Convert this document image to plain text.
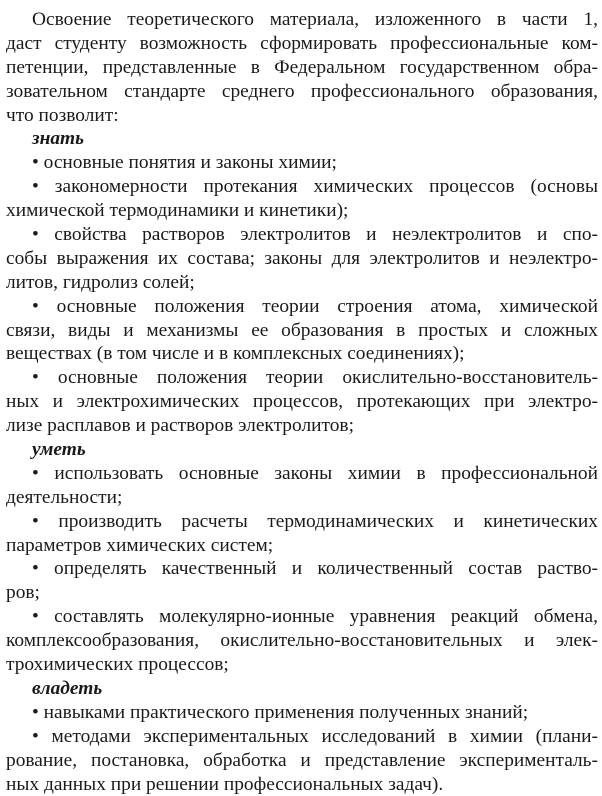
Освоение теоретического материала, изложенного в части 1,
даст студенту возможность сформировать профессиональные ком-
петенции, представленные в Федеральном государственном обра-
зовательном стандарте среднего профессионального образования,
что позволит:
знать
• основные понятия и законы химии;
• закономерности протекания химических процессов (основы
химической термодинамики и кинетики);
• свойства растворов электролитов и неэлектролитов и спо-
собы выражения их состава; законы для электролитов и неэлектро-
литов, гидролиз солей;
• основные положения теории строения атома, химической
связи, виды и механизмы ее образования в простых и сложных
веществах (в том числе и в комплексных соединениях);
• основные положения теории окислительно-восстановитель-
ных и электрохимических процессов, протекающих при электро-
лизе расплавов и растворов электролитов;
уметь
• использовать основные законы химии в профессиональной
деятельности;
• производить расчеты термодинамических и кинетических
параметров химических систем;
• определять качественный и количественный состав раство-
ров;
• составлять молекулярно-ионные уравнения реакций обмена,
комплексообразования, окислительно-восстановительных и элек-
трохимических процессов;
владеть
• навыками практического применения полученных знаний;
• методами экспериментальных исследований в химии (плани-
рование, постановка, обработка и представление эксперименталь-
ных данных при решении профессиональных задач).
